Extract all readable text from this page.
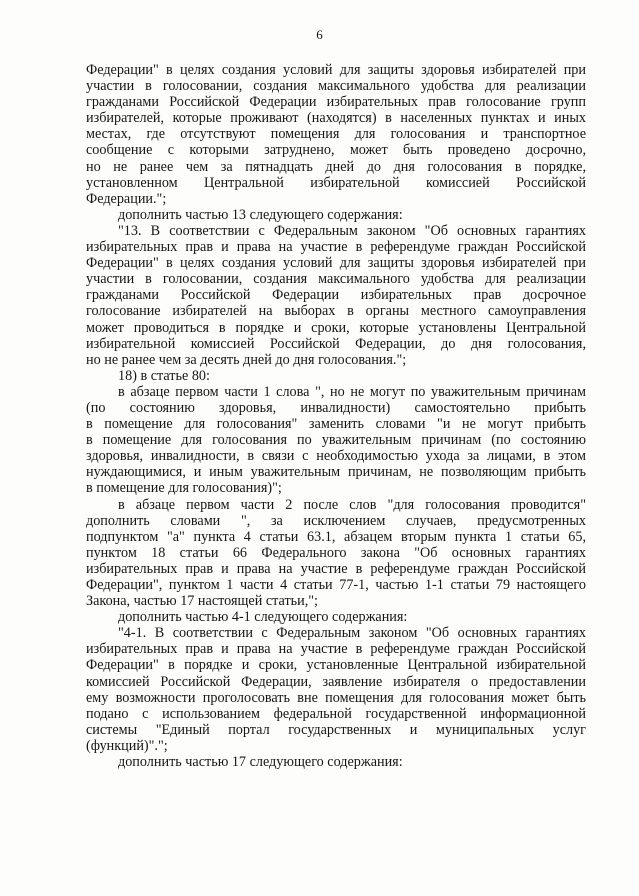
6
Федерации" в целях создания условий для защиты здоровья избирателей при
участии в голосовании, создания максимального удобства для реализации
гражданами Российской Федерации избирательных прав голосование групп
избирателей, которые проживают (находятся) в населенных пунктах и иных
местах, где отсутствуют помещения для голосования и транспортное
сообщение с которыми затруднено, может быть проведено досрочно,
но не ранее чем за пятнадцать дней до дня голосования в порядке,
установленном Центральной избирательной комиссией Российской
Федерации.";
дополнить частью 13 следующего содержания:
"13. В соответствии с Федеральным законом "Об основных гарантиях
избирательных прав и права на участие в референдуме граждан Российской
Федерации" в целях создания условий для защиты здоровья избирателей при
участии в голосовании, создания максимального удобства для реализации
гражданами Российской Федерации избирательных прав досрочное
голосование избирателей на выборах в органы местного самоуправления
может проводиться в порядке и сроки, которые установлены Центральной
избирательной комиссией Российской Федерации, до дня голосования,
но не ранее чем за десять дней до дня голосования.";
18) в статье 80:
в абзаце первом части 1 слова ", но не могут по уважительным причинам
(по состоянию здоровья, инвалидности) самостоятельно прибыть
в помещение для голосования" заменить словами "и не могут прибыть
в помещение для голосования по уважительным причинам (по состоянию
здоровья, инвалидности, в связи с необходимостью ухода за лицами, в этом
нуждающимися, и иным уважительным причинам, не позволяющим прибыть
в помещение для голосования)";
в абзаце первом части 2 после слов "для голосования проводится"
дополнить словами ", за исключением случаев, предусмотренных
подпунктом "а" пункта 4 статьи 63.1, абзацем вторым пункта 1 статьи 65,
пунктом 18 статьи 66 Федерального закона "Об основных гарантиях
избирательных прав и права на участие в референдуме граждан Российской
Федерации", пунктом 1 части 4 статьи 77-1, частью 1-1 статьи 79 настоящего
Закона, частью 17 настоящей статьи,";
дополнить частью 4-1 следующего содержания:
"4-1. В соответствии с Федеральным законом "Об основных гарантиях
избирательных прав и права на участие в референдуме граждан Российской
Федерации" в порядке и сроки, установленные Центральной избирательной
комиссией Российской Федерации, заявление избирателя о предоставлении
ему возможности проголосовать вне помещения для голосования может быть
подано с использованием федеральной государственной информационной
системы "Единый портал государственных и муниципальных услуг
(функций)".";
дополнить частью 17 следующего содержания:
